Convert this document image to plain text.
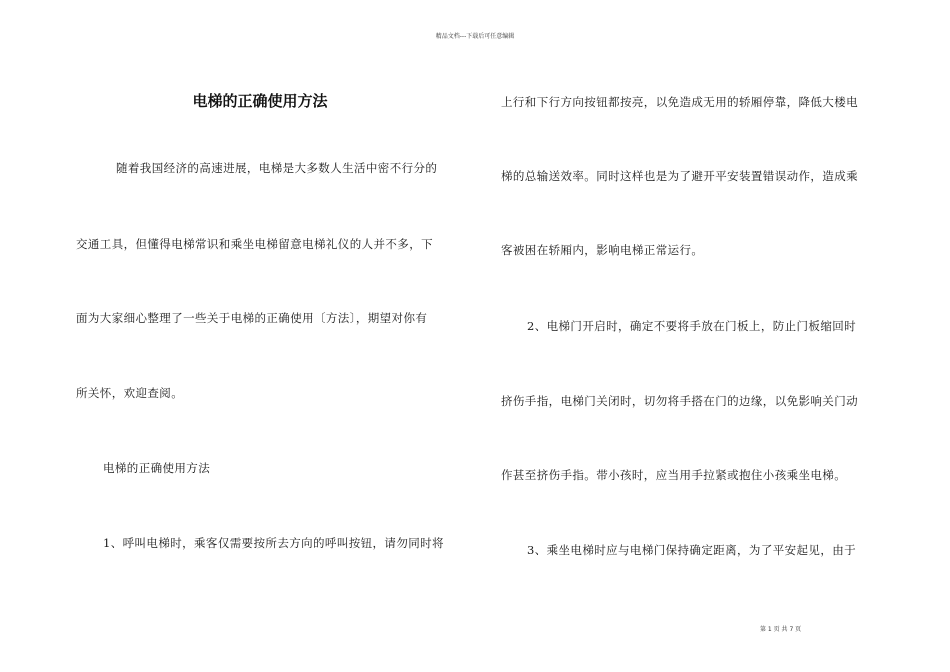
精品文档---下载后可任意编辑
电梯的正确使用方法
随着我国经济的高速进展，电梯是大多数人生活中密不行分的
交通工具，但懂得电梯常识和乘坐电梯留意电梯礼仪的人并不多，下
面为大家细心整理了一些关于电梯的正确使用〔方法〕，期望对你有
所关怀，欢迎查阅。
电梯的正确使用方法
1、呼叫电梯时，乘客仅需要按所去方向的呼叫按钮，请勿同时将
上行和下行方向按钮都按亮，以免造成无用的轿厢停靠，降低大楼电
梯的总输送效率。同时这样也是为了避开平安装置错误动作，造成乘
客被困在轿厢内，影响电梯正常运行。
2、电梯门开启时，确定不要将手放在门板上，防止门板缩回时
挤伤手指，电梯门关闭时，切勿将手搭在门的边缘，以免影响关门动
作甚至挤伤手指。带小孩时，应当用手拉紧或抱住小孩乘坐电梯。
3、乘坐电梯时应与电梯门保持确定距离，为了平安起见，由于
第 1 页 共 7 页
